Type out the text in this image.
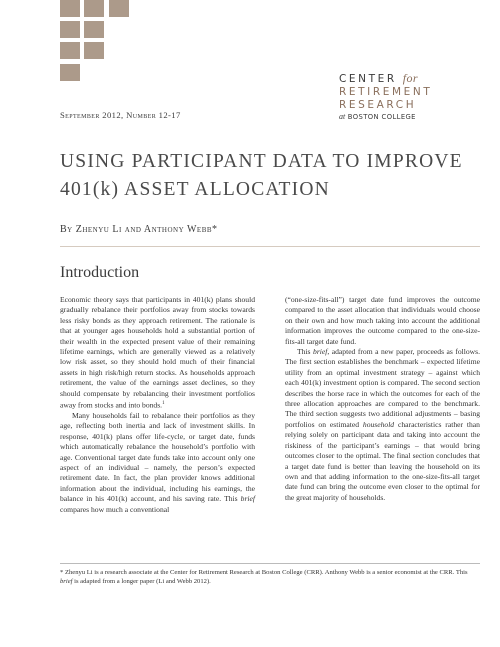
CENTER for
RETIREMENT
RESEARCH
at BOSTON COLLEGE
September 2012, Number 12-17
USING PARTICIPANT DATA TO IMPROVE
401(k) ASSET ALLOCATION
By Zhenyu Li and Anthony Webb*
Introduction

Economic theory says that participants in 401(k) plans should gradually rebalance their portfolios away from stocks towards less risky bonds as they approach retirement. The rationale is that at younger ages households hold a substantial portion of their wealth in the expected present value of their remaining lifetime earnings, which are generally viewed as a relatively low risk asset, so they should hold much of their financial assets in high risk/high return stocks. As households approach retirement, the value of the earnings asset declines, so they should compensate by rebalancing their investment portfolios away from stocks and into bonds.$^1$

Many households fail to rebalance their portfolios as they age, reflecting both inertia and lack of investment skills. In response, 401(k) plans offer life-cycle, or target date, funds which automatically rebalance the household’s portfolio with age. Conventional target date funds take into account only one aspect of an individual – namely, the person’s expected retirement date. In fact, the plan provider knows additional information about the individual, including his earnings, the balance in his 401(k) account, and his saving rate. This brief compares how much a conventional

(“one-size-fits-all”) target date fund improves the outcome compared to the asset allocation that individuals would choose on their own and how much taking into account the additional information improves the outcome compared to the one-size-fits-all target date fund.

This brief, adapted from a new paper, proceeds as follows. The first section establishes the benchmark – expected lifetime utility from an optimal investment strategy – against which each 401(k) investment option is compared. The second section describes the horse race in which the outcomes for each of the three allocation approaches are compared to the benchmark. The third section suggests two additional adjustments – basing portfolios on estimated household characteristics rather than relying solely on participant data and taking into account the riskiness of the participant’s earnings – that would bring outcomes closer to the optimal. The final section concludes that a target date fund is better than leaving the household on its own and that adding information to the one-size-fits-all target date fund can bring the outcome even closer to the optimal for the great majority of households.

* Zhenyu Li is a research associate at the Center for Retirement Research at Boston College (CRR). Anthony Webb is a senior economist at the CRR. This brief is adapted from a longer paper (Li and Webb 2012).
